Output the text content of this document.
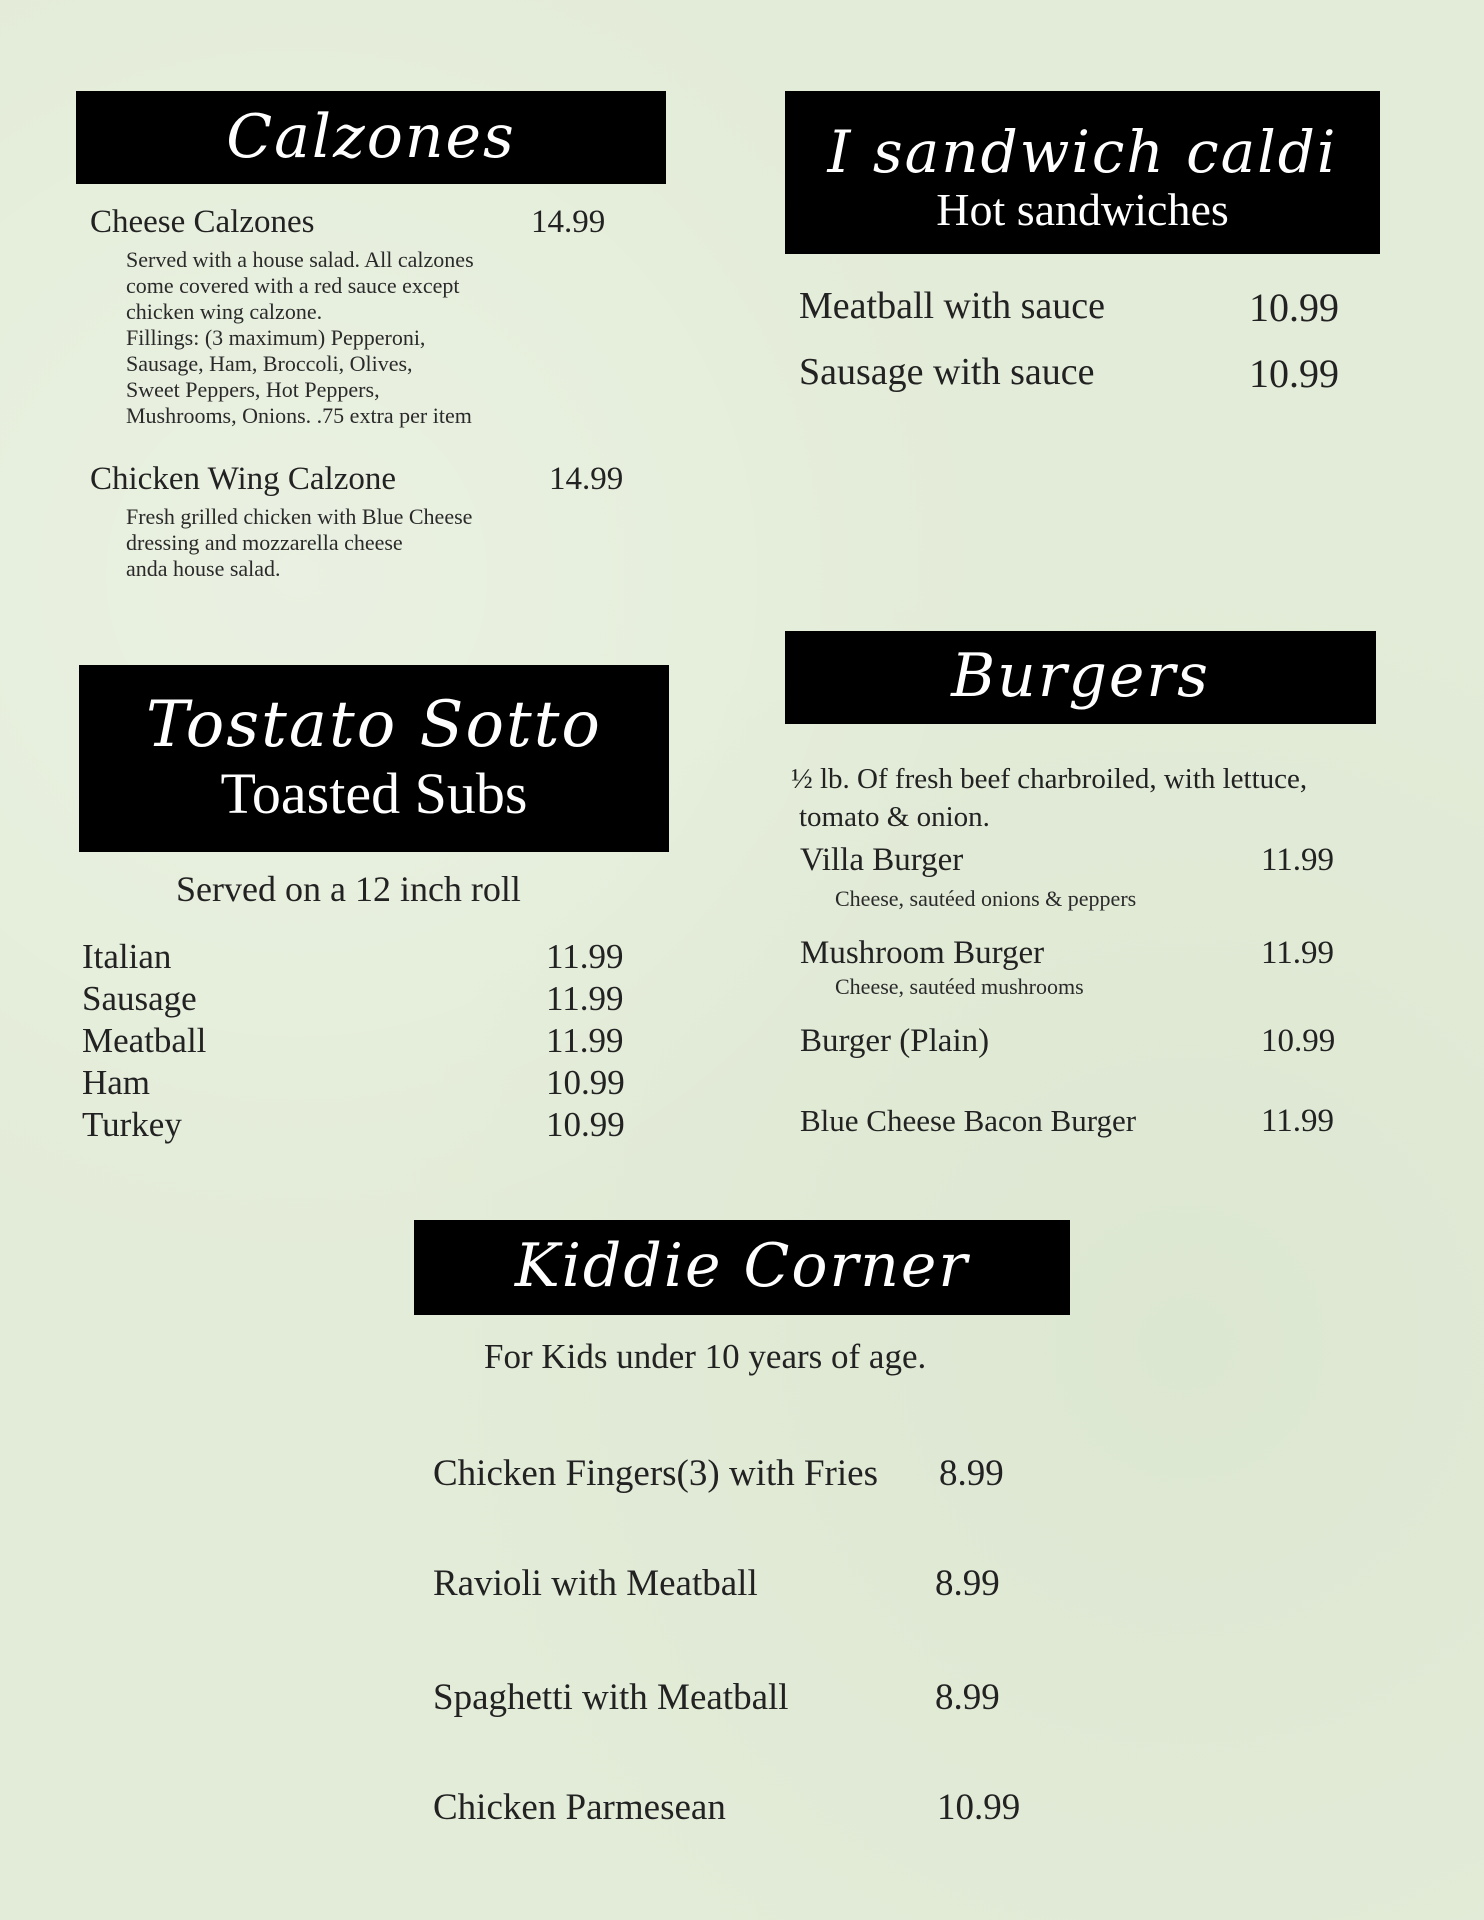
Calzones
Cheese Calzones	14.99
Served with a house salad. All calzones
come covered with a red sauce except
chicken wing calzone.
Fillings: (3 maximum) Pepperoni,
Sausage, Ham, Broccoli, Olives,
Sweet Peppers, Hot Peppers,
Mushrooms, Onions. .75 extra per item
Chicken Wing Calzone	14.99
Fresh grilled chicken with Blue Cheese
dressing and mozzarella cheese
anda house salad.
I sandwich caldi
Hot sandwiches
Meatball with sauce	10.99
Sausage with sauce	10.99
Tostato Sotto
Toasted Subs
Served on a 12 inch roll
Italian	11.99
Sausage	11.99
Meatball	11.99
Ham	10.99
Turkey	10.99
Burgers
½ lb. Of fresh beef charbroiled, with lettuce,
tomato & onion.
Villa Burger	11.99
Cheese, sautéed onions & peppers
Mushroom Burger	11.99
Cheese, sautéed mushrooms
Burger (Plain)	10.99
Blue Cheese Bacon Burger	11.99
Kiddie Corner
For Kids under 10 years of age.
Chicken Fingers(3) with Fries 8.99
Ravioli with Meatball	8.99
Spaghetti with Meatball	8.99
Chicken Parmesean	10.99
